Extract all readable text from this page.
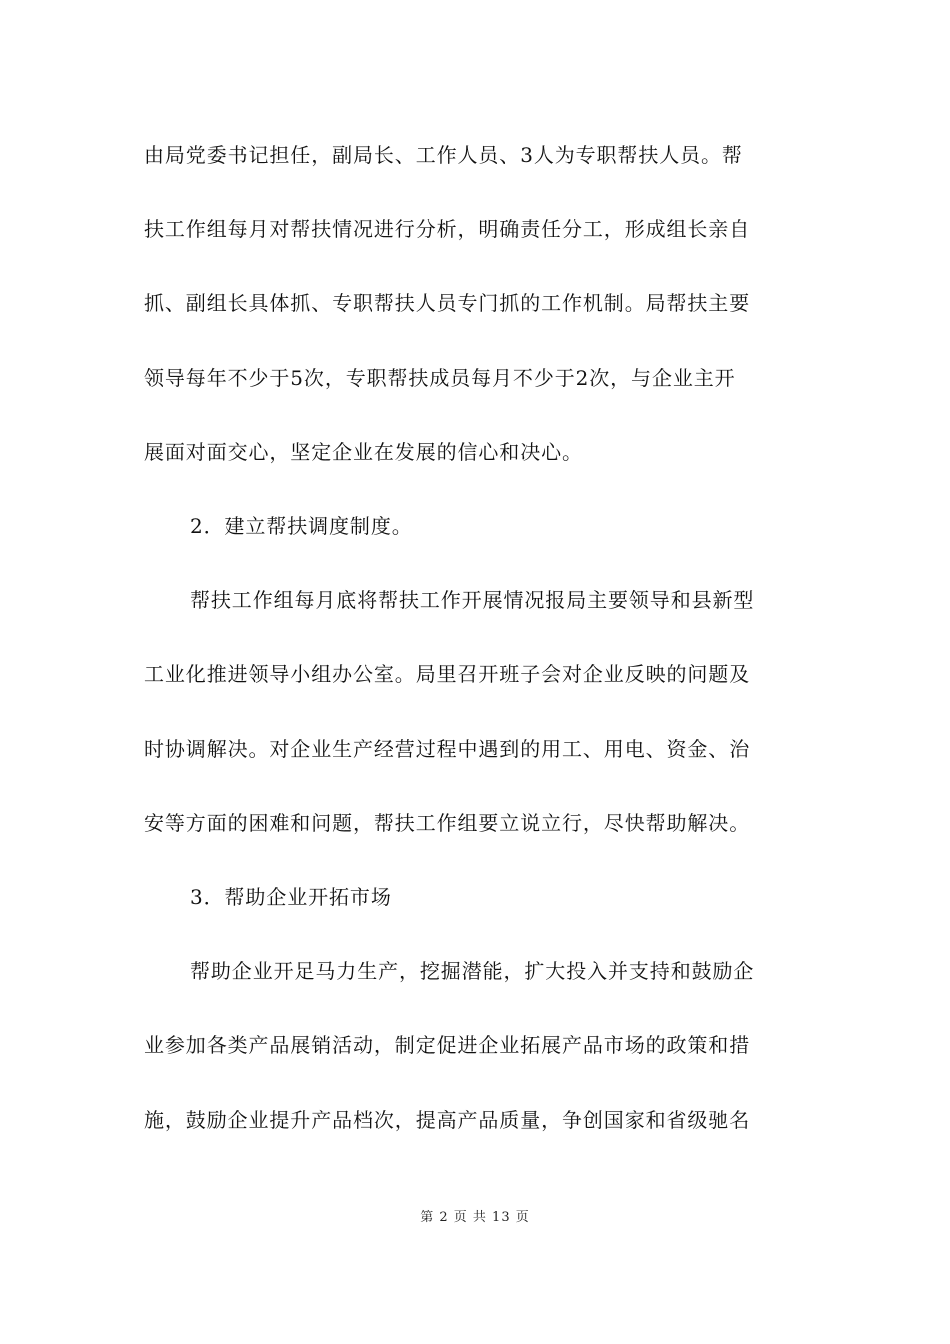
由局党委书记担任，副局长、工作人员、3人为专职帮扶人员。帮
扶工作组每月对帮扶情况进行分析，明确责任分工，形成组长亲自
抓、副组长具体抓、专职帮扶人员专门抓的工作机制。局帮扶主要
领导每年不少于5次，专职帮扶成员每月不少于2次，与企业主开
展面对面交心，坚定企业在发展的信心和决心。
2．建立帮扶调度制度。
帮扶工作组每月底将帮扶工作开展情况报局主要领导和县新型
工业化推进领导小组办公室。局里召开班子会对企业反映的问题及
时协调解决。对企业生产经营过程中遇到的用工、用电、资金、治
安等方面的困难和问题，帮扶工作组要立说立行，尽快帮助解决。
3．帮助企业开拓市场
帮助企业开足马力生产，挖掘潜能，扩大投入并支持和鼓励企
业参加各类产品展销活动，制定促进企业拓展产品市场的政策和措
施，鼓励企业提升产品档次，提高产品质量，争创国家和省级驰名
第 2 页 共 13 页
